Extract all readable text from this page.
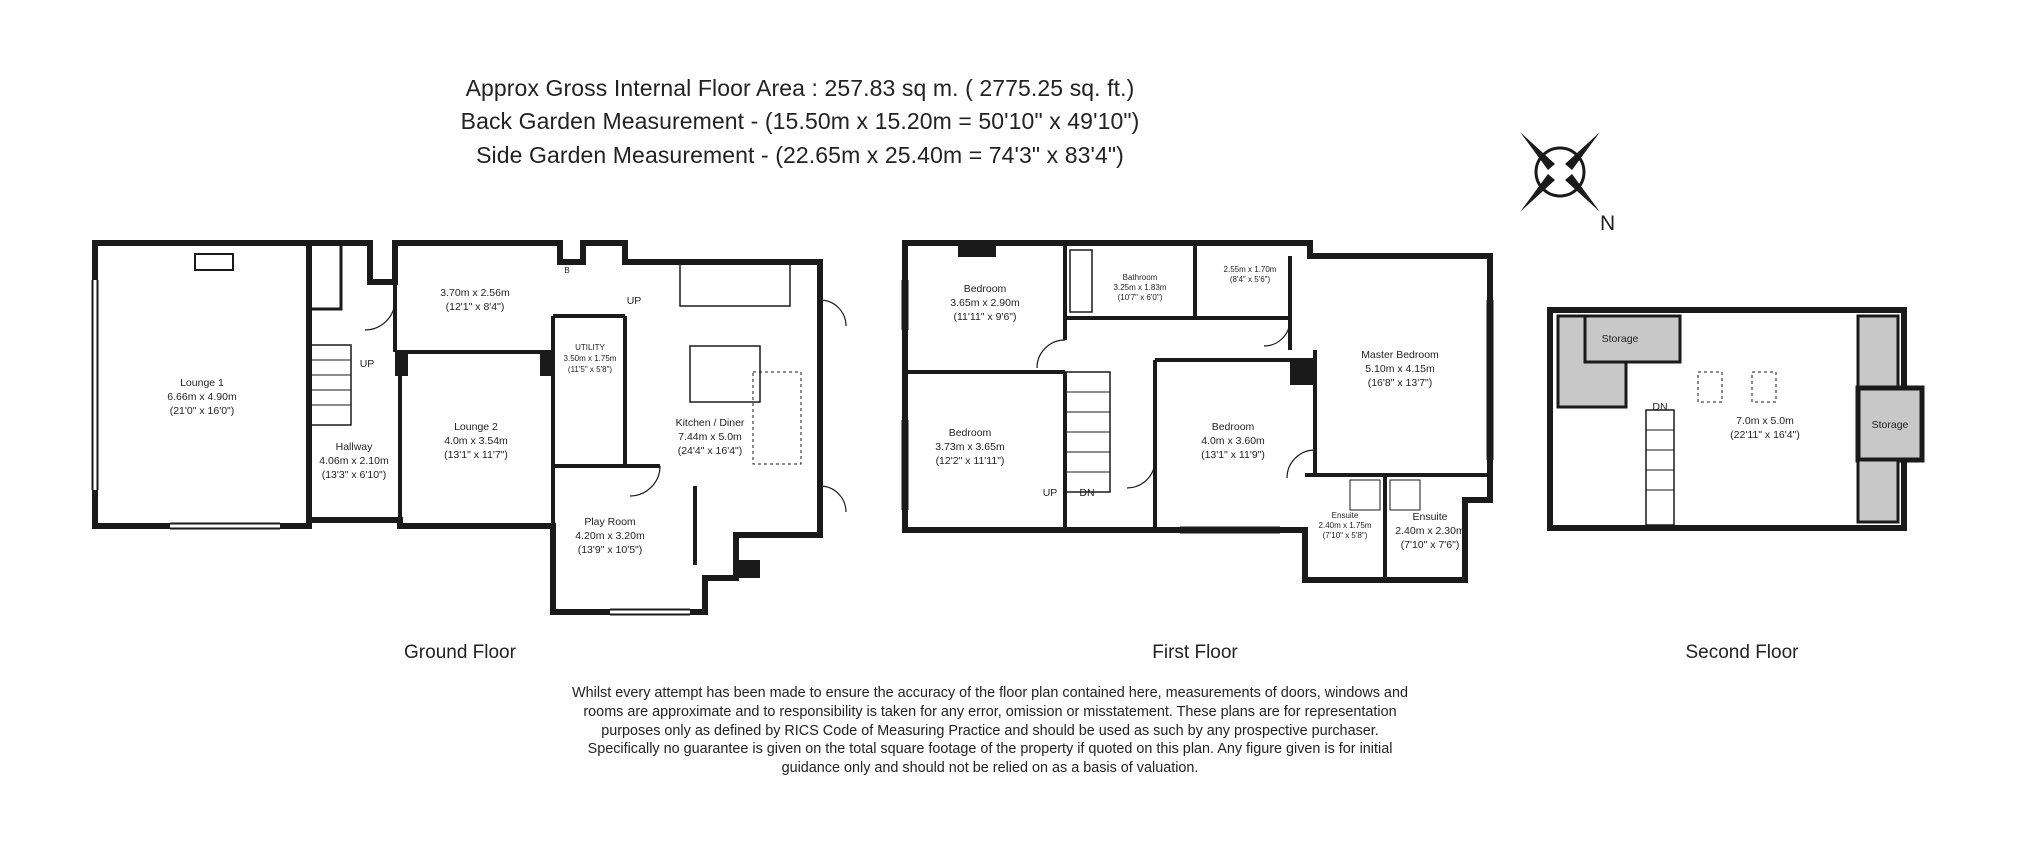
Approx Gross Internal Floor Area : 257.83 sq m. ( 2775.25 sq. ft.)
Back Garden Measurement - (15.50m x 15.20m = 50'10" x 49'10")
Side Garden Measurement - (22.65m x 25.40m = 74'3" x 83'4")
Lounge 1
6.66m x 4.90m
(21'0" x 16'0")
3.70m x 2.56m
(12'1" x 8'4")
Hallway
4.06m x 2.10m
(13'3" x 6'10")
Lounge 2
4.0m x 3.54m
(13'1" x 11'7")
UTILITY
3.50m x 1.75m
(11'5" x 5'8")
Kitchen / Diner
7.44m x 5.0m
(24'4" x 16'4")
Play Room
4.20m x 3.20m
(13'9" x 10'5")
UP
UP
B
Bedroom
3.65m x 2.90m
(11'11" x 9'6")
Bathroom
3.25m x 1.83m
(10'7" x 6'0")
2.55m x 1.70m
(8'4" x 5'6")
Master Bedroom
5.10m x 4.15m
(16'8" x 13'7")
Bedroom
3.73m x 3.65m
(12'2" x 11'11")
Bedroom
4.0m x 3.60m
(13'1" x 11'9")
Ensuite
2.40m x 1.75m
(7'10" x 5'8")
Ensuite
2.40m x 2.30m
(7'10" x 7'6")
UP DN
Storage
7.0m x 5.0m
(22'11" x 16'4")
Storage
DN
N
Ground Floor	First Floor	Second Floor
Whilst every attempt has been made to ensure the accuracy of the floor plan contained here, measurements of doors, windows and
rooms are approximate and to responsibility is taken for any error, omission or misstatement. These plans are for representation
purposes only as defined by RICS Code of Measuring Practice and should be used as such by any prospective purchaser.
Specifically no guarantee is given on the total square footage of the property if quoted on this plan. Any figure given is for initial
guidance only and should not be relied on as a basis of valuation.
